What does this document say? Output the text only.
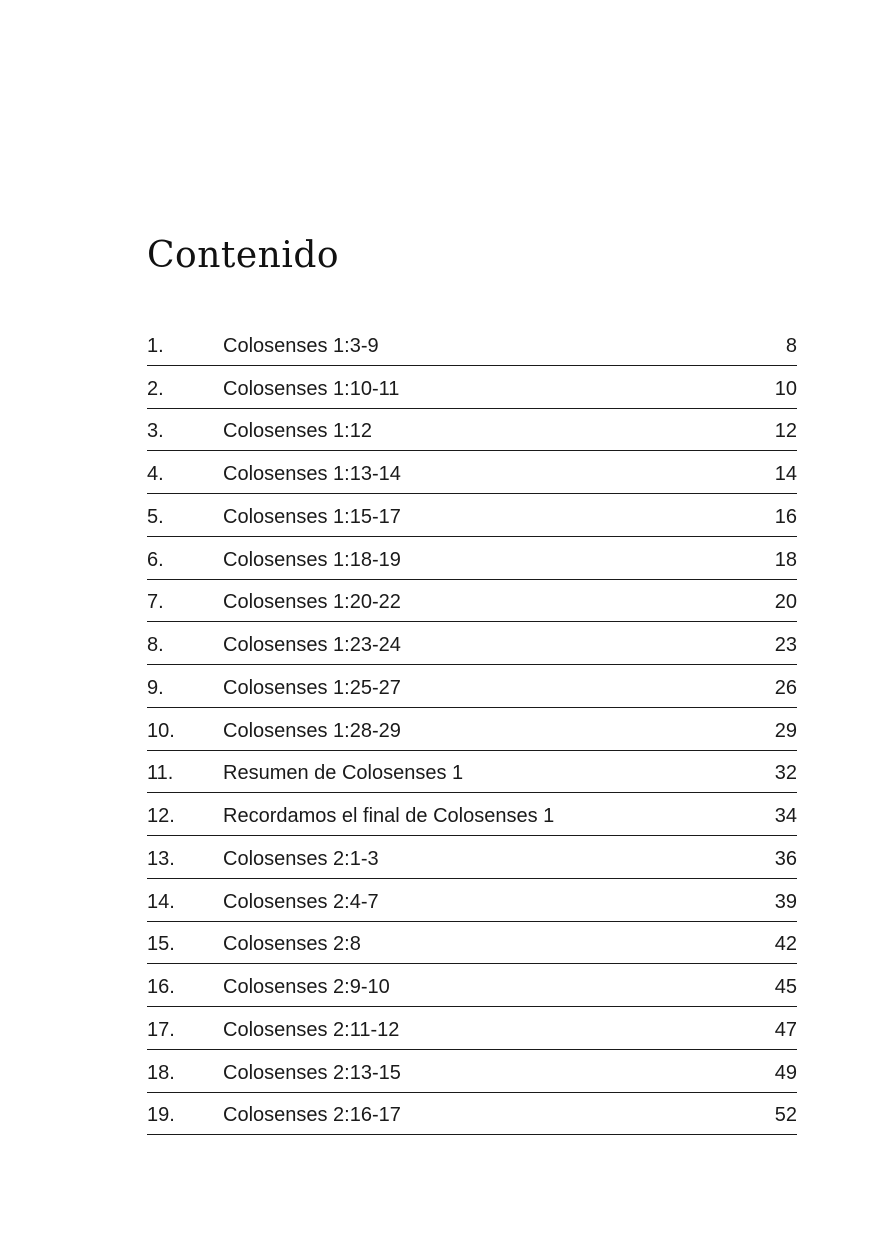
Contenido
1.	Colosenses 1:3-9	8
2.	Colosenses 1:10-11	10
3.	Colosenses 1:12	12
4.	Colosenses 1:13-14	14
5.	Colosenses 1:15-17	16
6.	Colosenses 1:18-19	18
7.	Colosenses 1:20-22	20
8.	Colosenses 1:23-24	23
9.	Colosenses 1:25-27	26
10.	Colosenses 1:28-29	29
11.	Resumen de Colosenses 1	32
12.	Recordamos el final de Colosenses 1	34
13.	Colosenses 2:1-3	36
14.	Colosenses 2:4-7	39
15.	Colosenses 2:8	42
16.	Colosenses 2:9-10	45
17.	Colosenses 2:11-12	47
18.	Colosenses 2:13-15	49
19.	Colosenses 2:16-17	52
